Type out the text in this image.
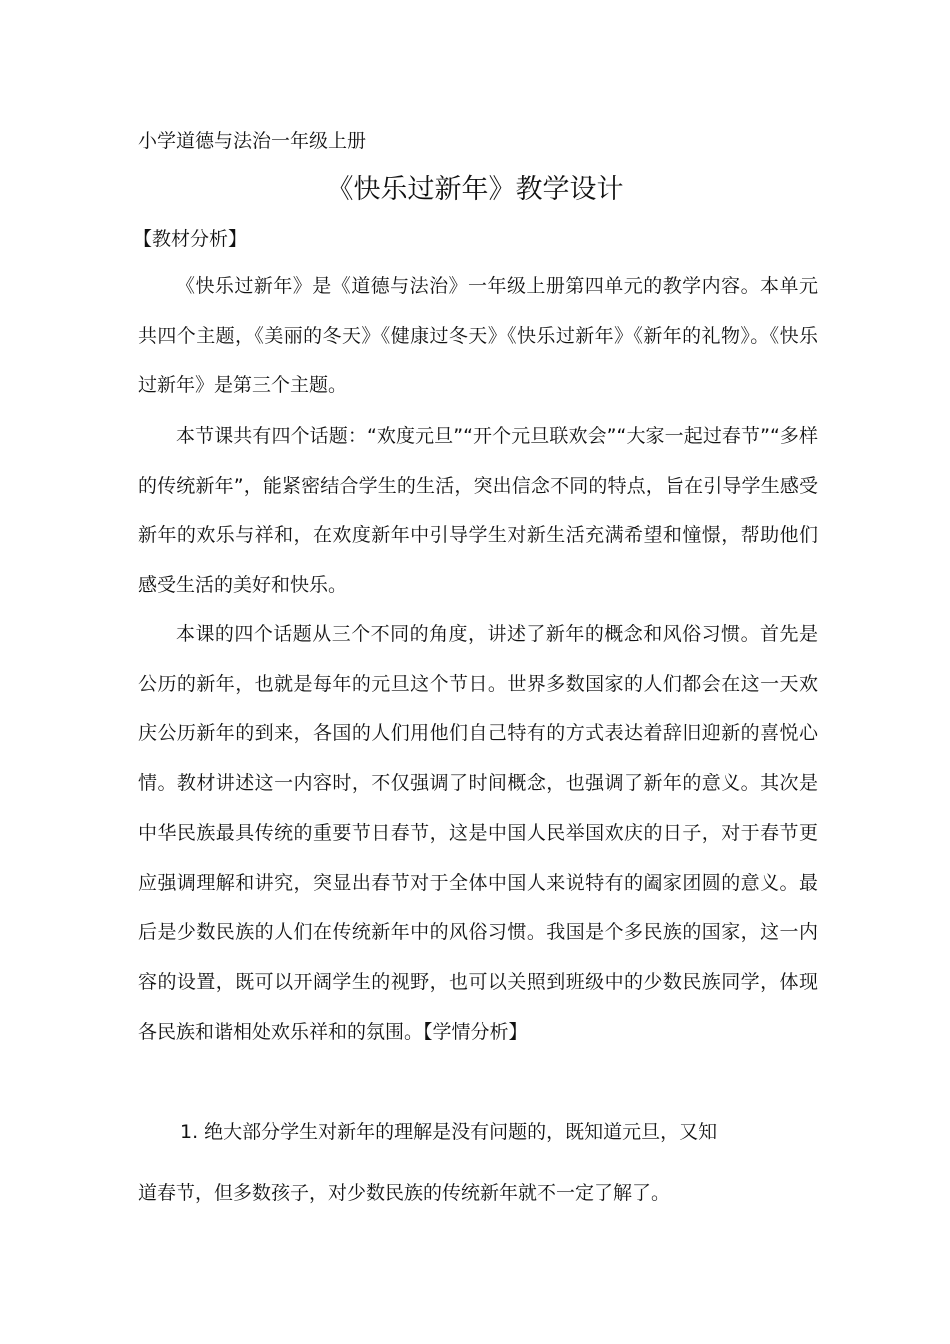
小学道德与法治一年级上册
《快乐过新年》教学设计
【教材分析】

《快乐过新年》是《道德与法治》一年级上册第四单元的教学内容。本单元共四个主题，《美丽的冬天》《健康过冬天》《快乐过新年》《新年的礼物》。《快乐过新年》是第三个主题。

本节课共有四个话题：“欢度元旦”“开个元旦联欢会”“大家一起过春节”“多样的传统新年”，能紧密结合学生的生活，突出信念不同的特点，旨在引导学生感受新年的欢乐与祥和，在欢度新年中引导学生对新生活充满希望和憧憬，帮助他们感受生活的美好和快乐。

本课的四个话题从三个不同的角度，讲述了新年的概念和风俗习惯。首先是公历的新年，也就是每年的元旦这个节日。世界多数国家的人们都会在这一天欢庆公历新年的到来，各国的人们用他们自己特有的方式表达着辞旧迎新的喜悦心情。教材讲述这一内容时，不仅强调了时间概念，也强调了新年的意义。其次是中华民族最具传统的重要节日春节，这是中国人民举国欢庆的日子，对于春节更应强调理解和讲究，突显出春节对于全体中国人来说特有的阖家团圆的意义。最后是少数民族的人们在传统新年中的风俗习惯。我国是个多民族的国家，这一内容的设置，既可以开阔学生的视野，也可以关照到班级中的少数民族同学，体现各民族和谐相处欢乐祥和的氛围。【学情分析】

1. 绝大部分学生对新年的理解是没有问题的，既知道元旦，又知
道春节，但多数孩子，对少数民族的传统新年就不一定了解了。
